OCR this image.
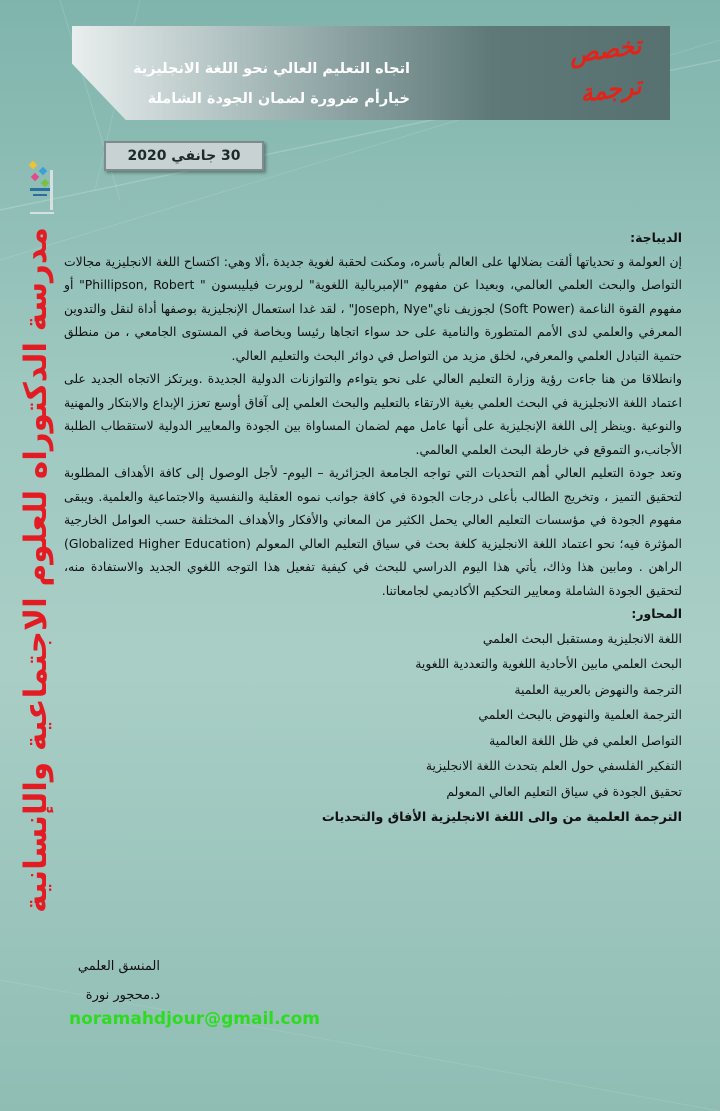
اتجاه التعليم العالي نحو اللغة الانجليزية
خيارأم ضرورة لضمان الجودة الشاملة
تخصص
ترجمة
30 جانفي 2020
مدرسة الدكتوراه للعلوم الاجتماعية والإنسانية	الديباجة:

إن العولمة و تحدياتها ألقت بضلالها على العالم بأسره، ومكنت لحقبة لغوية جديدة ،ألا وهي: اكتساح اللغة الانجليزية مجالات التواصل والبحث العلمي العالمي، وبعيدا عن مفهوم "الإمبريالية اللغوية" لروبرت فيليبسون " Phillipson, Robert" أو مفهوم القوة الناعمة (Soft Power) لجوزيف ناي"Joseph, Nye" ، لقد غدا استعمال الإنجليزية بوصفها أداة لنقل والتدوين المعرفي والعلمي لدى الأمم المتطورة والنامية على حد سواء اتجاها رئيسا وبخاصة في المستوى الجامعي ، من منطلق حتمية التبادل العلمي والمعرفي، لخلق مزيد من التواصل في دوائر البحث والتعليم العالي.

وانطلاقا من هنا جاءت رؤية وزارة التعليم العالي على نحو يتواءم والتوازنات الدولية الجديدة .ويرتكز الاتجاه الجديد على اعتماد اللغة الانجليزية في البحث العلمي بغية الارتقاء بالتعليم والبحث العلمي إلى آفاق أوسع تعزز الإبداع والابتكار والمهنية والنوعية .وينظر إلى اللغة الإنجليزية على أنها عامل مهم لضمان المساواة بين الجودة والمعايير الدولية لاستقطاب الطلبة الأجانب،و التموقع في خارطة البحث العلمي العالمي.

وتعد جودة التعليم العالي أهم التحديات التي تواجه الجامعة الجزائرية – اليوم- لأجل الوصول إلى كافة الأهداف المطلوبة لتحقيق التميز ، وتخريج الطالب بأعلى درجات الجودة في كافة جوانب نموه العقلية والنفسية والاجتماعية والعلمية. ويبقى مفهوم الجودة في مؤسسات التعليم العالي يحمل الكثير من المعاني والأفكار والأهداف المختلفة حسب العوامل الخارجية المؤثرة فيه؛ نحو اعتماد اللغة الانجليزية كلغة بحث في سياق التعليم العالي المعولم (Globalized Higher Education) الراهن . ومابين هذا وذاك، يأتي هذا اليوم الدراسي للبحث في كيفية تفعيل هذا التوجه اللغوي الجديد والاستفادة منه، لتحقيق الجودة الشاملة ومعايير التحكيم الأكاديمي لجامعاتنا.

المحاور:

اللغة الانجليزية ومستقبل البحث العلمي
البحث العلمي مابين الأحادية اللغوية والتعددية اللغوية
الترجمة والنهوض بالعربية العلمية
الترجمة العلمية والنهوض بالبحث العلمي
التواصل العلمي في ظل اللغة العالمية
التفكير الفلسفي حول العلم بتحدث اللغة الانجليزية
تحقيق الجودة في سياق التعليم العالي المعولم
الترجمة العلمية من والى اللغة الانجليزية الأفاق والتحديات
المنسق العلمي
د.محجور نورة
noramahdjour@gmail.com
